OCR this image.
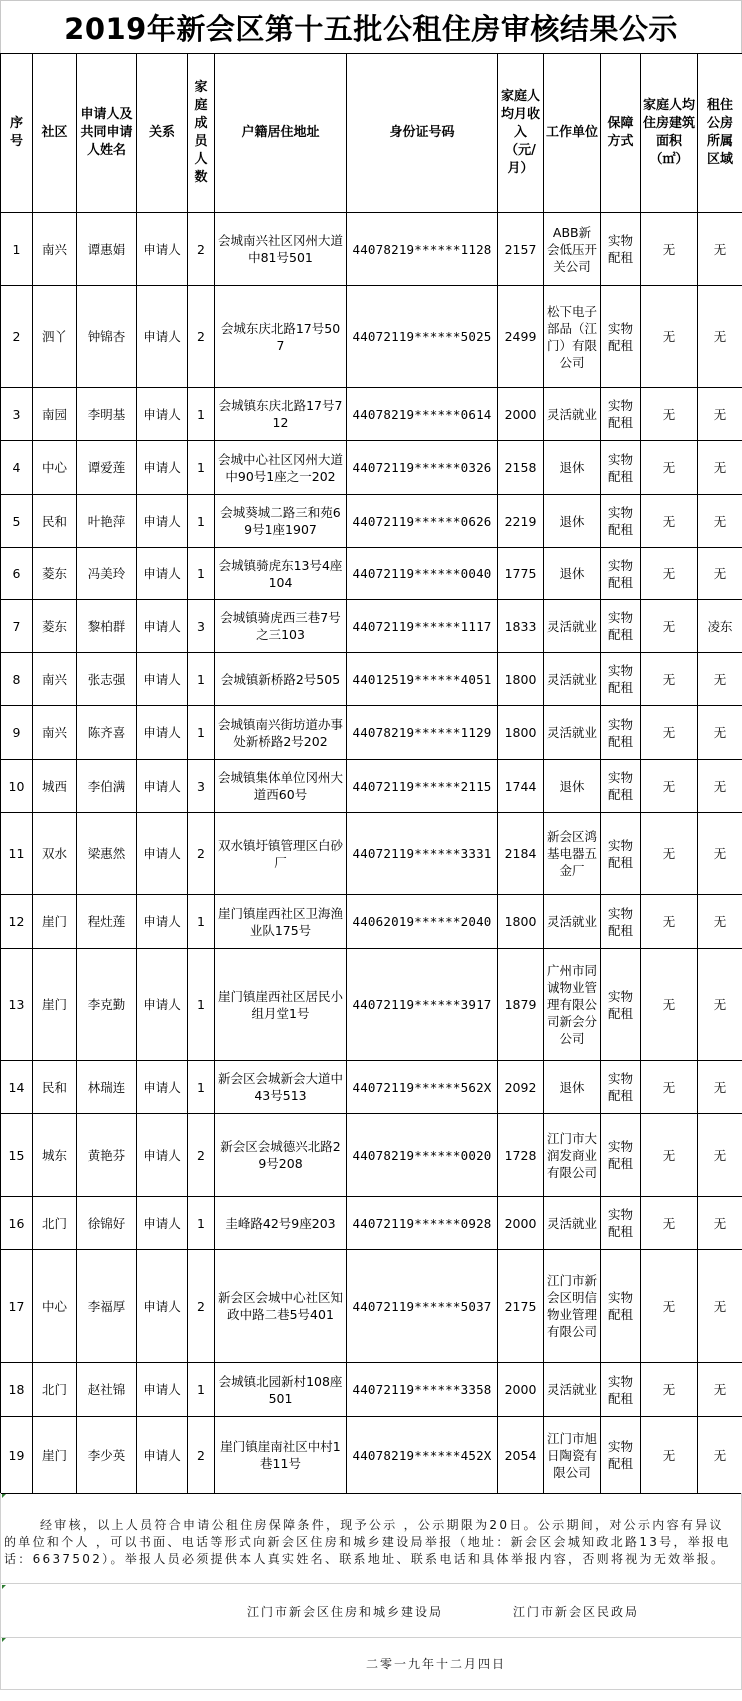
2019年新会区第十五批公租住房审核结果公示
序号	社区	申请人及共同申请人姓名	关系	家庭成员人数	户籍居住地址	身份证号码	家庭人均月收入（元/月）	工作单位	保障方式	家庭人均住房建筑面积（㎡）	租住公房所属区域
1	南兴	谭惠娟	申请人	2	会城南兴社区冈州大道中81号501	44078219******1128	2157	ABB新会低压开关公司	实物配租	无	无
2	泗丫	钟锦杏	申请人	2	会城东庆北路17号507	44072119******5025	2499	松下电子部品（江门）有限公司	实物配租	无	无
3	南园	李明基	申请人	1	会城镇东庆北路17号712	44078219******0614	2000	灵活就业	实物配租	无	无
4	中心	谭爱莲	申请人	1	会城中心社区冈州大道中90号1座之一202	44072119******0326	2158	退休	实物配租	无	无
5	民和	叶艳萍	申请人	1	会城葵城二路三和苑69号1座1907	44072119******0626	2219	退休	实物配租	无	无
6	菱东	冯美玲	申请人	1	会城镇骑虎东13号4座104	44072119******0040	1775	退休	实物配租	无	无
7	菱东	黎柏群	申请人	3	会城镇骑虎西三巷7号之三103	44072119******1117	1833	灵活就业	实物配租	无	凌东
8	南兴	张志强	申请人	1	会城镇新桥路2号505	44012519******4051	1800	灵活就业	实物配租	无	无
9	南兴	陈齐喜	申请人	1	会城镇南兴街坊道办事处新桥路2号202	44078219******1129	1800	灵活就业	实物配租	无	无
10	城西	李伯满	申请人	3	会城镇集体单位冈州大道西60号	44072119******2115	1744	退休	实物配租	无	无
11	双水	梁惠然	申请人	2	双水镇圩镇管理区白砂厂	44072119******3331	2184	新会区鸿基电器五金厂	实物配租	无	无
12	崖门	程灶莲	申请人	1	崖门镇崖西社区卫海渔业队175号	44062019******2040	1800	灵活就业	实物配租	无	无
13	崖门	李克勤	申请人	1	崖门镇崖西社区居民小组月堂1号	44072119******3917	1879	广州市同诚物业管理有限公司新会分公司	实物配租	无	无
14	民和	林瑞连	申请人	1	新会区会城新会大道中43号513	44072119******562X	2092	退休	实物配租	无	无
15	城东	黄艳芬	申请人	2	新会区会城德兴北路29号208	44078219******0020	1728	江门市大润发商业有限公司	实物配租	无	无
16	北门	徐锦好	申请人	1	圭峰路42号9座203	44072119******0928	2000	灵活就业	实物配租	无	无
17	中心	李福厚	申请人	2	新会区会城中心社区知政中路二巷5号401	44072119******5037	2175	江门市新会区明信物业管理有限公司	实物配租	无	无
18	北门	赵社锦	申请人	1	会城镇北园新村108座501	44072119******3358	2000	灵活就业	实物配租	无	无
19	崖门	李少英	申请人	2	崖门镇崖南社区中村1巷11号	44078219******452X	2054	江门市旭日陶瓷有限公司	实物配租	无	无

经审核，以上人员符合申请公租住房保障条件，现予公示 ，公示期限为20日。公示期间，对公示内容有异议的单位和个人 ，可以书面、电话等形式向新会区住房和城乡建设局举报（地址：新会区会城知政北路13号，举报电话：6637502）。举报人员必须提供本人真实姓名、联系地址、联系电话和具体举报内容，否则将视为无效举报。

江门市新会区住房和城乡建设局	江门市新会区民政局
二零一九年十二月四日
